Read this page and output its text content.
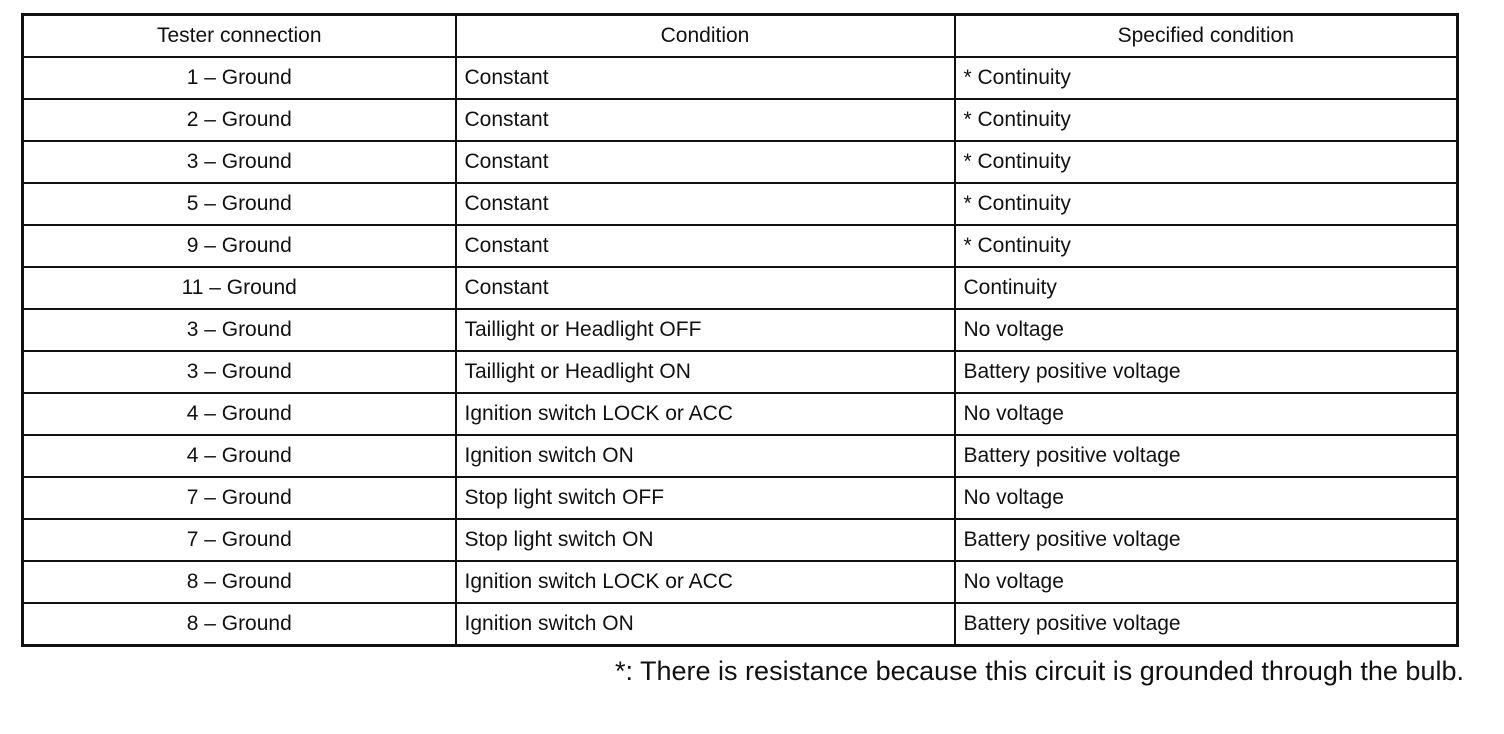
Tester connection	Condition	Specified condition
1 – Ground	Constant	* Continuity
2 – Ground	Constant	* Continuity
3 – Ground	Constant	* Continuity
5 – Ground	Constant	* Continuity
9 – Ground	Constant	* Continuity
11 – Ground	Constant	Continuity
3 – Ground	Taillight or Headlight OFF	No voltage
3 – Ground	Taillight or Headlight ON	Battery positive voltage
4 – Ground	Ignition switch LOCK or ACC	No voltage
4 – Ground	Ignition switch ON	Battery positive voltage
7 – Ground	Stop light switch OFF	No voltage
7 – Ground	Stop light switch ON	Battery positive voltage
8 – Ground	Ignition switch LOCK or ACC	No voltage
8 – Ground	Ignition switch ON	Battery positive voltage
*: There is resistance because this circuit is grounded through the bulb.
